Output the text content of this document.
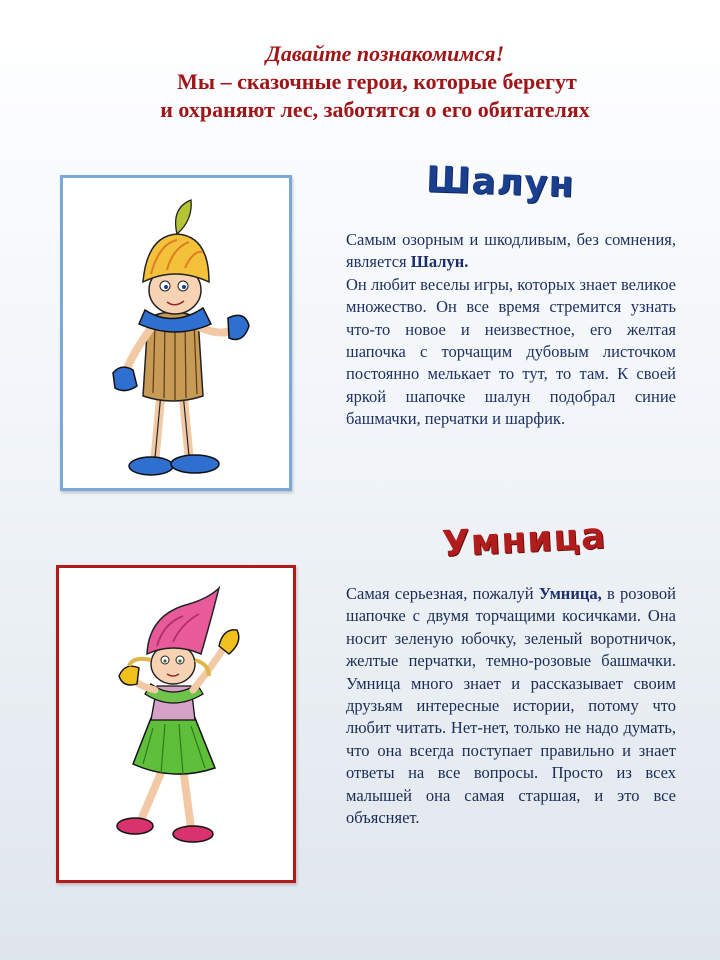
Давайте познакомимся!
Мы – сказочные герои, которые берегут
и охраняют лес, заботятся о его обитателях
Шалун

Самым озорным и шкодливым, без сомнения, является Шалун.

Он любит веселы игры, которых знает великое множество. Он все время стремится узнать что-то новое и неизвестное, его желтая шапочка с торчащим дубовым листочком постоянно мелькает то тут, то там. К своей яркой шапочке шалун подобрал синие башмачки, перчатки и шарфик.

Умница

Самая серьезная, пожалуй Умница, в розовой шапочке с двумя торчащими косичками. Она носит зеленую юбочку, зеленый воротничок, желтые перчатки, темно-розовые башмачки. Умница много знает и рассказывает своим друзьям интересные истории, потому что любит читать. Нет-нет, только не надо думать, что она всегда поступает правильно и знает ответы на все вопросы. Просто из всех малышей она самая старшая, и это все объясняет.
